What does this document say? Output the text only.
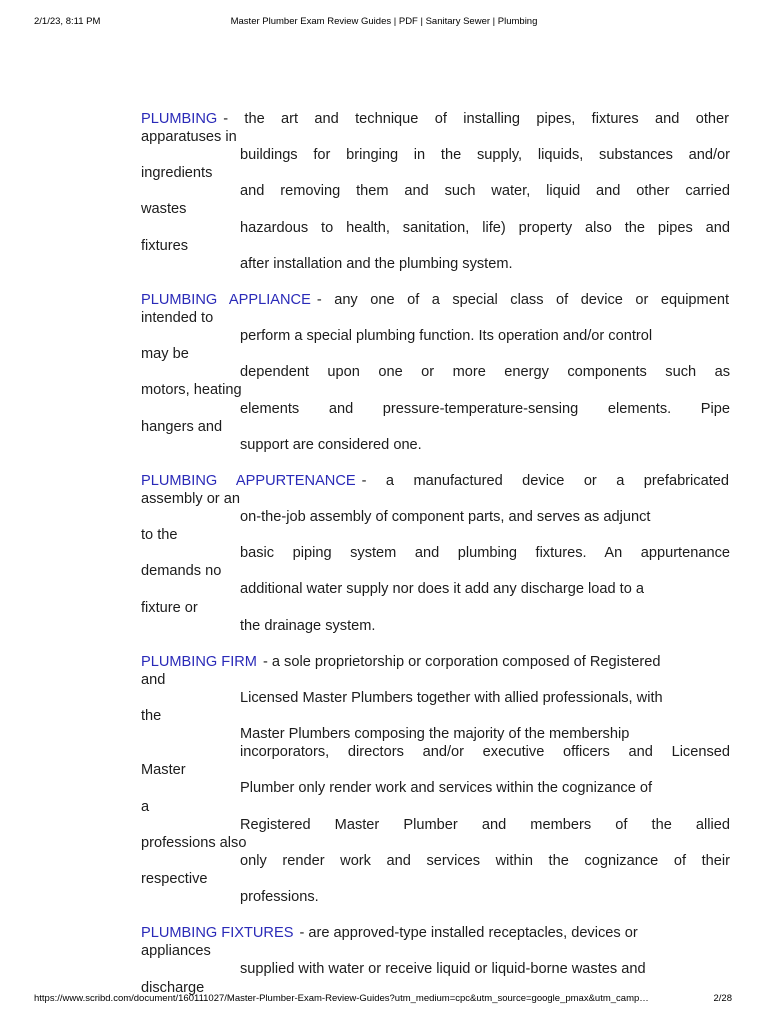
2/1/23, 8:11 PM	Master Plumber Exam Review Guides | PDF | Sanitary Sewer | Plumbing
PLUMBING - the art and technique of installing pipes, fixtures and other
apparatuses in
buildings for bringing in the supply, liquids, substances and/or
ingredients
and removing them and such water, liquid and other carried
wastes
hazardous to health, sanitation, life) property also the pipes and
fixtures
after installation and the plumbing system.
PLUMBING APPLIANCE - any one of a special class of device or equipment
intended to
perform a special plumbing function. Its operation and/or control
may be
dependent upon one or more energy components such as
motors, heating
elements and pressure-temperature-sensing elements. Pipe
hangers and
support are considered one.
PLUMBING APPURTENANCE - a manufactured device or a prefabricated
assembly or an
on-the-job assembly of component parts, and serves as adjunct
to the
basic piping system and plumbing fixtures. An appurtenance
demands no
additional water supply nor does it add any discharge load to a
fixture or
the drainage system.
PLUMBING FIRM - a sole proprietorship or corporation composed of Registered
and
Licensed Master Plumbers together with allied professionals, with
the
Master Plumbers composing the majority of the membership
incorporators, directors and/or executive officers and Licensed
Master
Plumber only render work and services within the cognizance of
a
Registered Master Plumber and members of the allied
professions also
only render work and services within the cognizance of their
respective
professions.
PLUMBING FIXTURES - are approved-type installed receptacles, devices or
appliances
supplied with water or receive liquid or liquid-borne wastes and
discharge
https://www.scribd.com/document/160111027/Master-Plumber-Exam-Review-Guides?utm_medium=cpc&utm_source=google_pmax&utm_camp…	2/28
